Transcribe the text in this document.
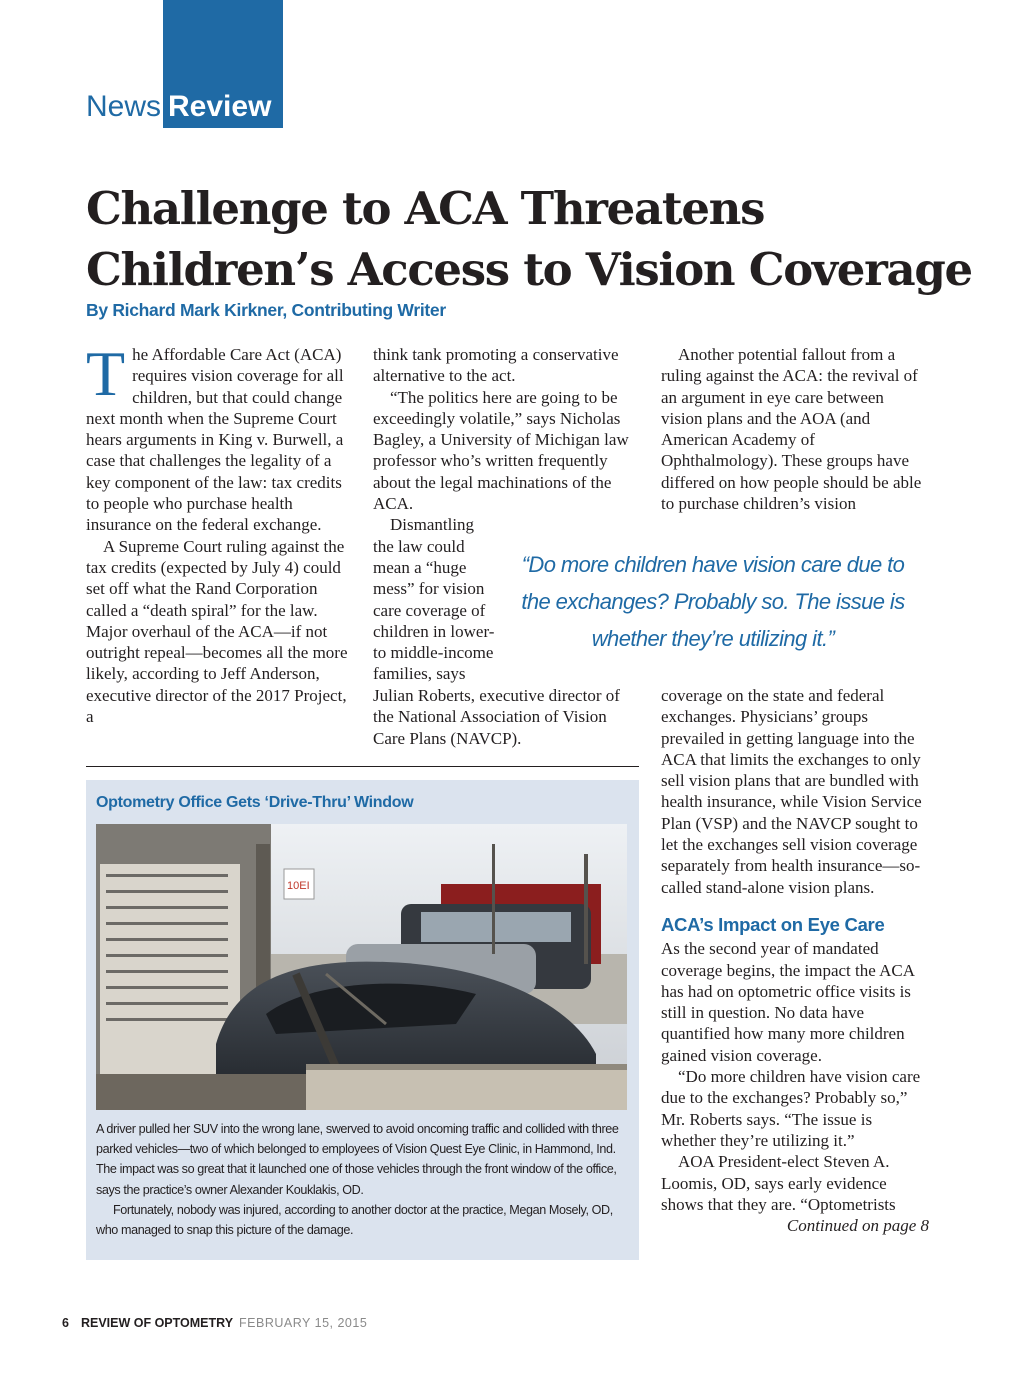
News Review
Challenge to ACA Threatens
Children’s Access to Vision Coverage
By Richard Mark Kirkner, Contributing Writer

The Affordable Care Act (ACA) requires vision coverage for all children, but that could change next month when the Supreme Court hears arguments in King v. Burwell, a case that challenges the legality of a key component of the law: tax credits to people who purchase health insurance on the federal exchange.

A Supreme Court ruling against the tax credits (expected by July 4) could set off what the Rand Corporation called a “death spiral” for the law. Major overhaul of the ACA—if not outright repeal—becomes all the more likely, according to Jeff Anderson, executive director of the 2017 Project, a

think tank promoting a conservative alternative to the act.

“The politics here are going to be exceedingly volatile,” says Nicholas Bagley, a University of Michigan law professor who’s written frequently about the legal machinations of the ACA.

Dismantling

the law could

mean a “huge

mess” for vision

care coverage of

children in lower-

to middle-income

families, says

Julian Roberts, executive director of the National Association of Vision Care Plans (NAVCP).

“Do more children have vision care due to
the exchanges? Probably so. The issue is
whether they’re utilizing it.”

Another potential fallout from a ruling against the ACA: the revival of an argument in eye care between vision plans and the AOA (and American Academy of Ophthalmology). These groups have differed on how people should be able to purchase children’s vision

coverage on the state and federal exchanges. Physicians’ groups prevailed in getting language into the ACA that limits the exchanges to only sell vision plans that are bundled with health insurance, while Vision Service Plan (VSP) and the NAVCP sought to let the exchanges sell vision coverage separately from health insurance—so-called stand-alone vision plans.

ACA’s Impact on Eye Care

As the second year of mandated coverage begins, the impact the ACA has had on optometric office visits is still in question. No data have quantified how many more children gained vision coverage.

“Do more children have vision care due to the exchanges? Probably so,” Mr. Roberts says. “The issue is whether they’re utilizing it.”

AOA President-elect Steven A. Loomis, OD, says early evidence shows that they are. “Optometrists

Continued on page 8

Optometry Office Gets ‘Drive-Thru’ Window
10EI

A driver pulled her SUV into the wrong lane, swerved to avoid oncoming traffic and collided with three parked vehicles—two of which belonged to employees of Vision Quest Eye Clinic, in Hammond, Ind. The impact was so great that it launched one of those vehicles through the front window of the office, says the practice’s owner Alexander Kouklakis, OD.

Fortunately, nobody was injured, according to another doctor at the practice, Megan Mosely, OD, who managed to snap this picture of the damage.

6 REVIEW OF OPTOMETRY FEBRUARY 15, 2015
